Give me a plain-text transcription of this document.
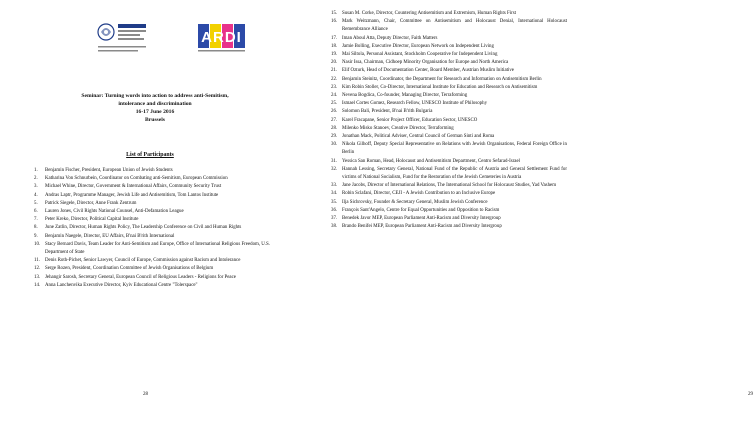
ARDI
Seminar: Turning words into action to address anti-Semitism,
intolerance and discrimination
16-17 June 2016
Brussels
List of Participants
1. Benjamin Fischer, President, European Union of Jewish Students
2. Katharina Von Schnurbein, Coordinator on Combating anti-Semitism, European Commission
3. Michael Whine, Director, Government & International Affairs, Community Security Trust
4. Andras Laptr, Programme Manager, Jewish Life and Antisemitism, Tom Lantos Institute
5. Patrick Siegele, Director, Anne Frank Zentrum
6. Lauren Jones, Civil Rights National Counsel, Anti-Defamation League
7. Peter Kreko, Director, Political Capital Institute
8. June Zatlin, Director, Human Rights Policy, The Leadership Conference on Civil and Human Rights
9. Benjamin Naegele, Director, EU Affairs, B'nai B'rith International
10. Stacy Bernard Davis, Team Leader for Anti-Semitism and Europe, Office of International Religious Freedom, U.S. Department of State
11. Denis Roth-Pichet, Senior Lawyer, Council of Europe, Commission against Racism and Intolerance
12. Serge Rozen, President, Coordination Committee of Jewish Organisations of Belgium
13. Jehangir Sarosh, Secretary General, European Council of Religious Leaders - Religions for Peace
14. Anna Lanchenvika Executive Director, Kyiv Educational Centre "Tolerspace"
28	29
15. Susan M. Corke, Director, Countering Antisemitism and Extremism, Human Rights First
16. Mark Weitzmann, Chair, Committee on Antisemitism and Holocaust Denial, International Holocaust Remembrance Alliance
17. Iman Aboul Atta, Deputy Director, Faith Matters
18. Jamie Bolling, Executive Director, European Network on Independent Living
19. Mai Siltola, Personal Assistant, Stockholm Cooperative for Independent Living
20. Nasir Issa, Chairman, Cidhoep Minority Organisation for Europe and North America
21. Elif Ozturk, Head of Documentation Center, Board Member, Austrian Muslim Initiative
22. Benjamin Steinitz, Coordinator, the Department for Research and Information on Antisemitism Berlin
23. Kim Robin Stoller, Co-Director, International Institute for Education and Research on Antisemitism
24. Nevena Bogdica, Co-founder, Managing Director, Terraforming
25. Ismael Cortes Gomez, Research Fellow, UNESCO Institute of Philosophy
26. Solomon Bali, President, B'nai B'rith Bulgaria
27. Karel Fracapane, Senior Project Officer, Education Sector, UNESCO
28. Milenko Misko Stanoev, Creative Director, Terraforming
29. Jonathan Mack, Political Adviser, Central Council of German Sinti and Roma
30. Nikola Gilhoff, Deputy Special Representative on Relations with Jewish Organisations, Federal Foreign Office in Berlin
31. Yessica San Roman, Head, Holocaust and Antisemitism Department, Centro Sefarad-Israel
32. Hannah Lessing, Secretary General, National Fund of the Republic of Austria and General Settlement Fund for victims of National Socialism, Fund for the Restoration of the Jewish Cemeteries in Austria
33. Jane Jacobs, Director of International Relations, The International School for Holocaust Studies, Yad Vashem
34. Robin Sclafani, Director, CEJI - A Jewish Contribution to an Inclusive Europe
35. Ilja Sichrovsky, Founder & Secretary General, Muslim Jewish Conference
36. François Sant'Angelo, Centre for Equal Opportunities and Opposition to Racism
37. Benedek Javor MEP, European Parliament Anti-Racism and Diversity Intergroup
38. Brando Benifei MEP, European Parliament Anti-Racism and Diversity Intergroup
